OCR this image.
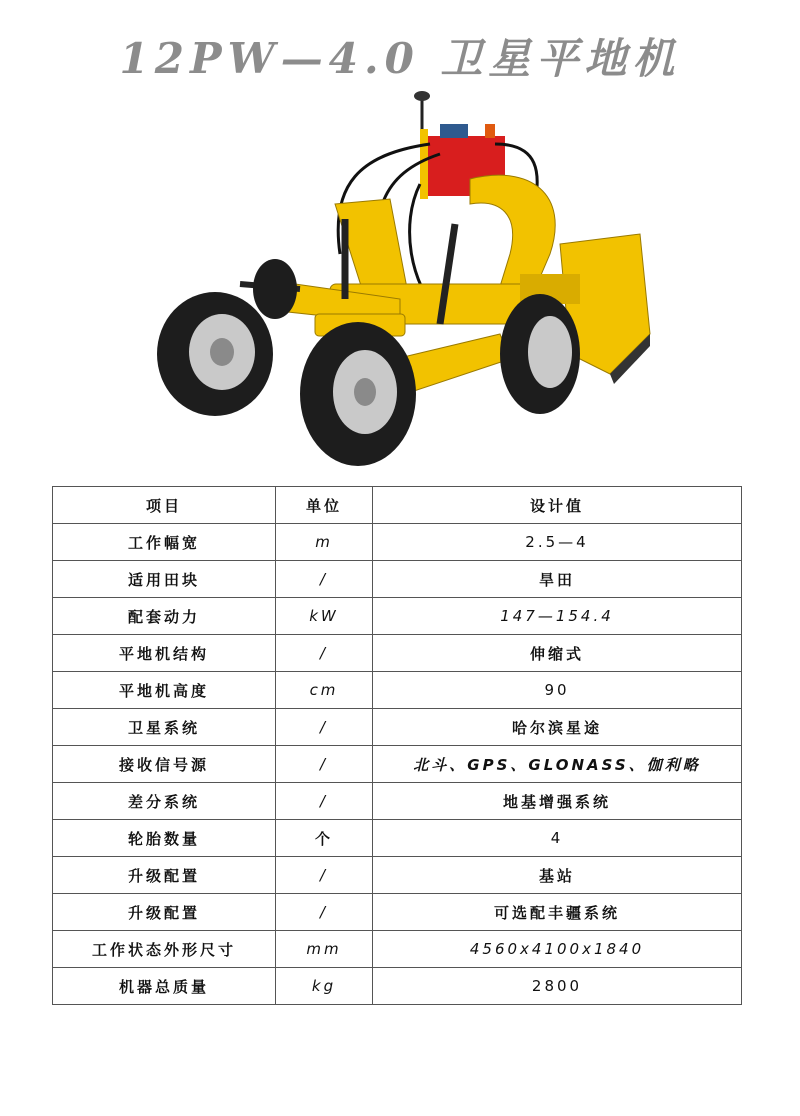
12PW—4.0 卫星平地机
项目	单位	设计值
工作幅宽	m	2.5—4
适用田块	/	旱田
配套动力	kW	147—154.4
平地机结构	/	伸缩式
平地机高度	cm	90
卫星系统	/	哈尔滨星途
接收信号源	/	北斗、GPS、GLONASS、伽利略
差分系统	/	地基增强系统
轮胎数量	个	4
升级配置	/	基站
升级配置	/	可选配丰疆系统
工作状态外形尺寸	mm	4560x4100x1840
机器总质量	kg	2800
